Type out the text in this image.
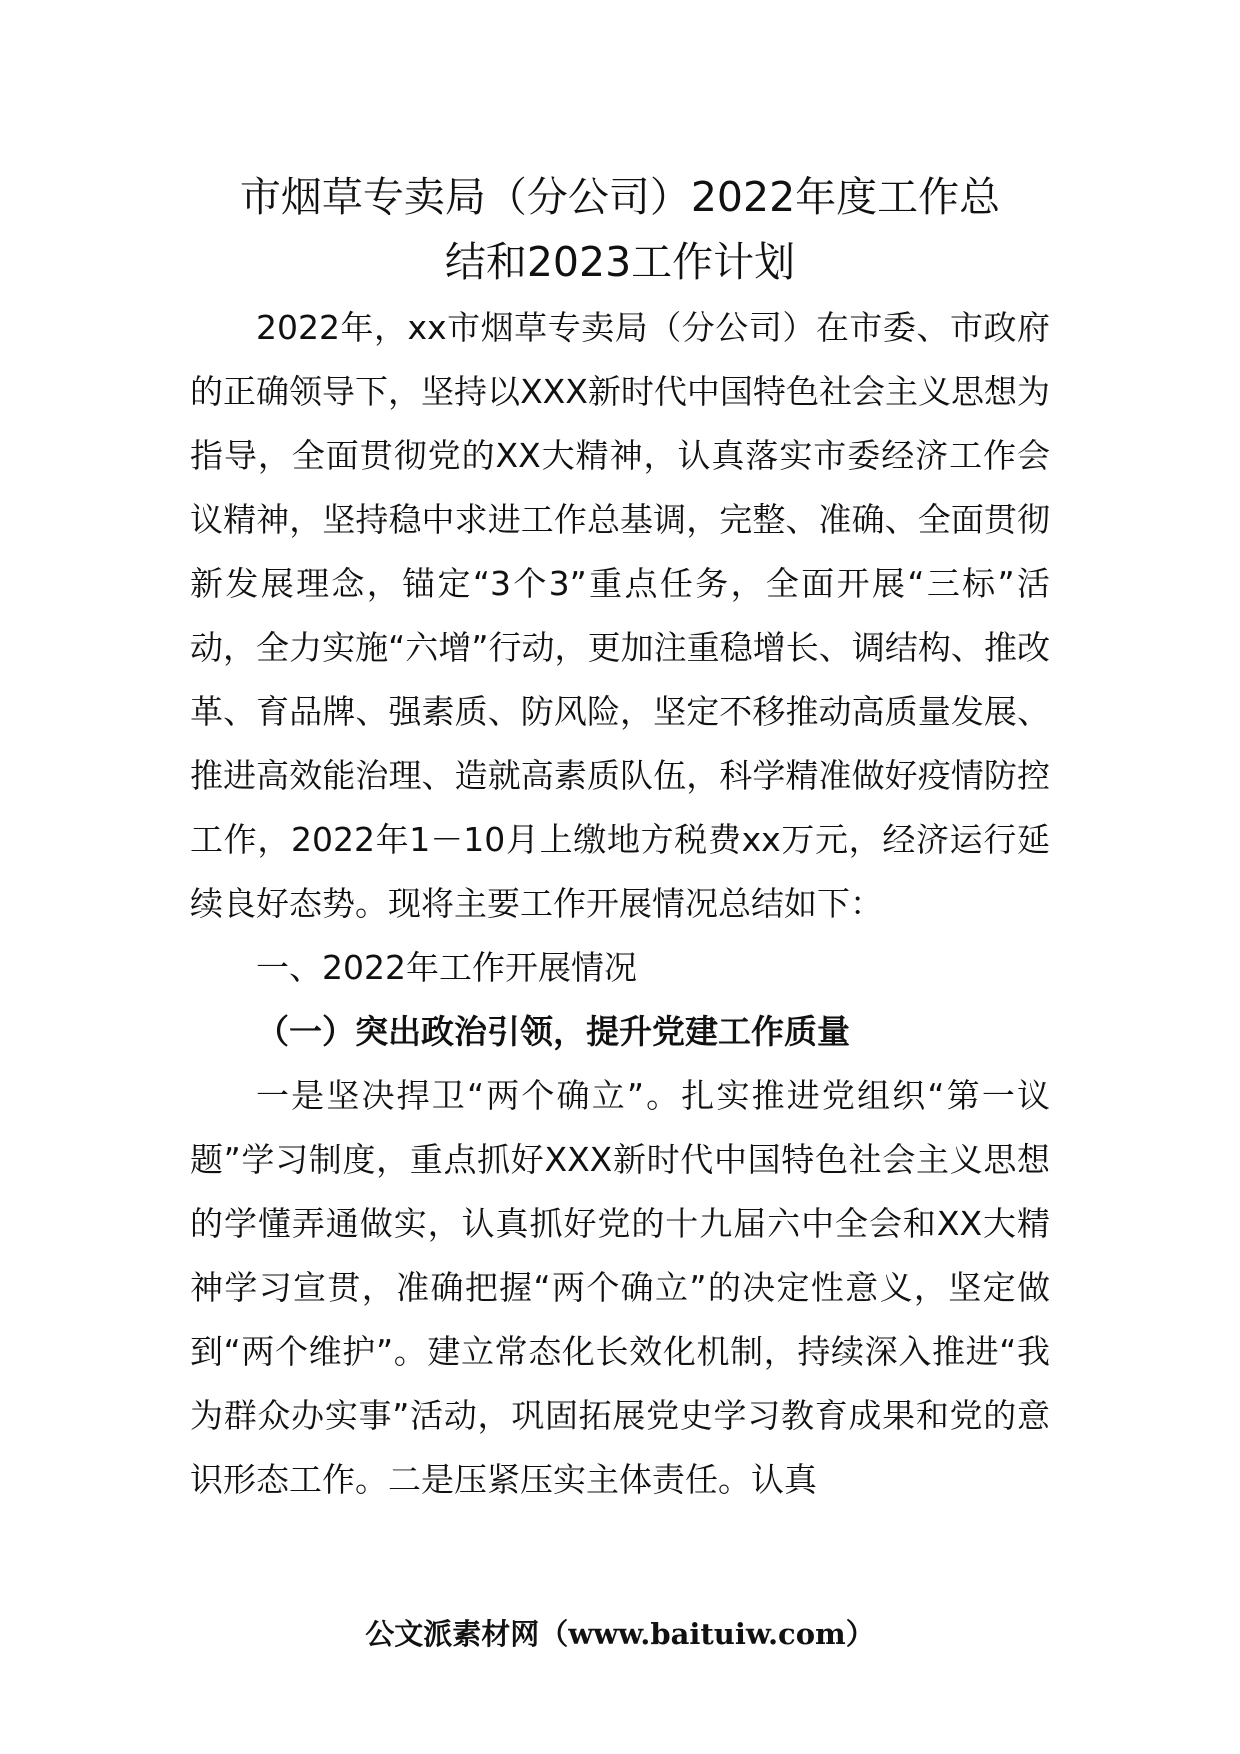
市烟草专卖局（分公司）2022年度工作总
结和2023工作计划

2022年，xx市烟草专卖局（分公司）在市委、市政府的正确领导下，坚持以XXX新时代中国特色社会主义思想为指导，全面贯彻党的XX大精神，认真落实市委经济工作会议精神，坚持稳中求进工作总基调，完整、准确、全面贯彻新发展理念，锚定“3个3”重点任务，全面开展“三标”活动，全力实施“六增”行动，更加注重稳增长、调结构、推改革、育品牌、强素质、防风险，坚定不移推动高质量发展、推进高效能治理、造就高素质队伍，科学精准做好疫情防控工作，2022年1－10月上缴地方税费xx万元，经济运行延续良好态势。现将主要工作开展情况总结如下：

一、2022年工作开展情况

（一）突出政治引领，提升党建工作质量

一是坚决捍卫“两个确立”。扎实推进党组织“第一议题”学习制度，重点抓好XXX新时代中国特色社会主义思想的学懂弄通做实，认真抓好党的十九届六中全会和XX大精神学习宣贯，准确把握“两个确立”的决定性意义，坚定做到“两个维护”。建立常态化长效化机制，持续深入推进“我为群众办实事”活动，巩固拓展党史学习教育成果和党的意识形态工作。二是压紧压实主体责任。认真

公文派素材网（www.baituiw.com）
